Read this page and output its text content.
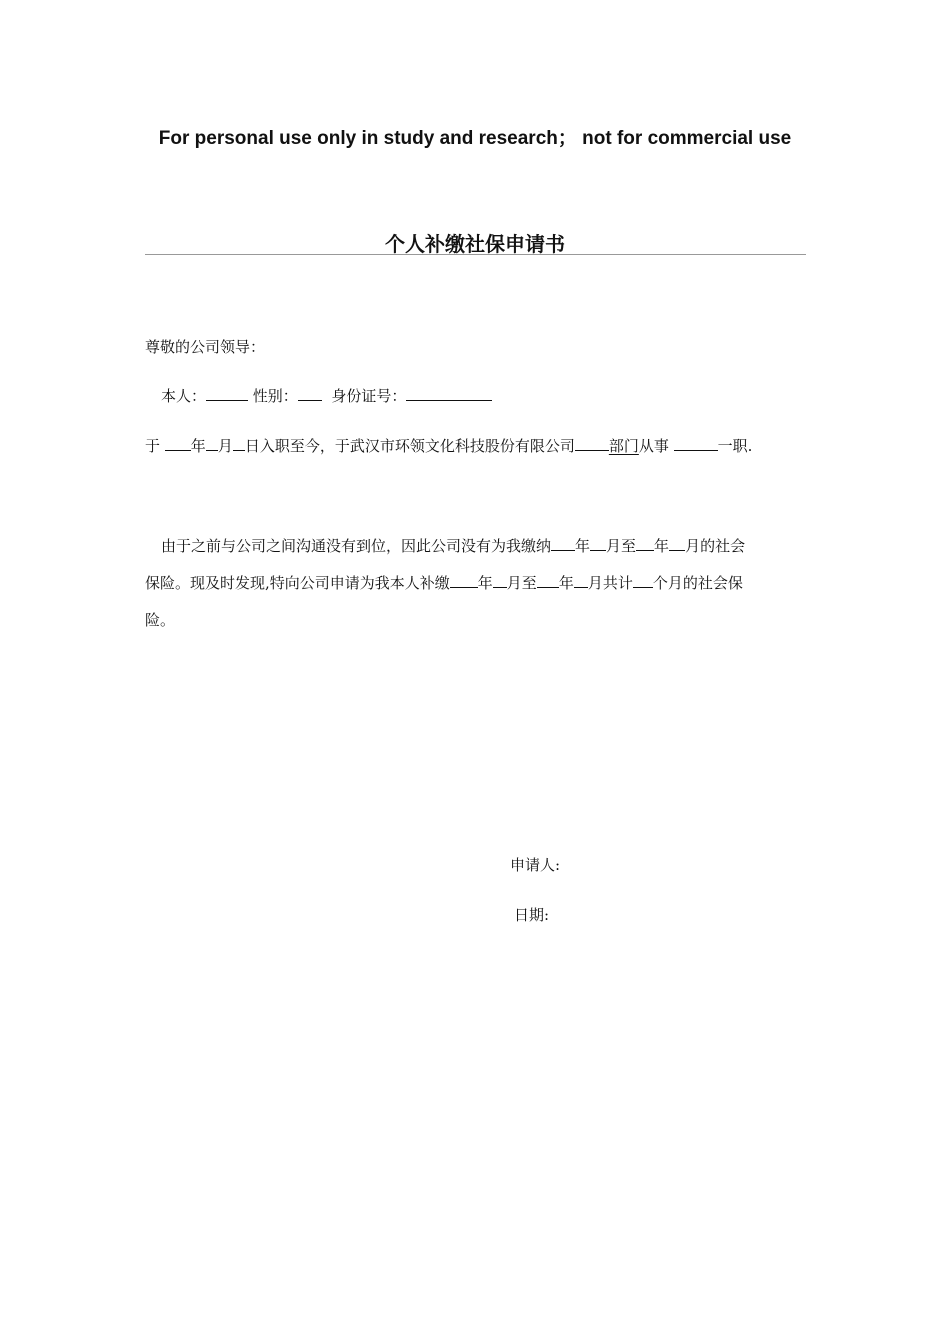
For personal use only in study and research； not for commercial use
个人补缴社保申请书
尊敬的公司领导：
本人：	性别： 身份证号：
于 年 月 日入职至今，于武汉市环领文化科技股份有限公司 部门从事	一职.
由于之前与公司之间沟通没有到位，因此公司没有为我缴纳 年 月至 年 月的社会
保险。现及时发现,特向公司申请为我本人补缴 年 月至 年 月共计 个月的社会保
险。
申请人:
日期:
